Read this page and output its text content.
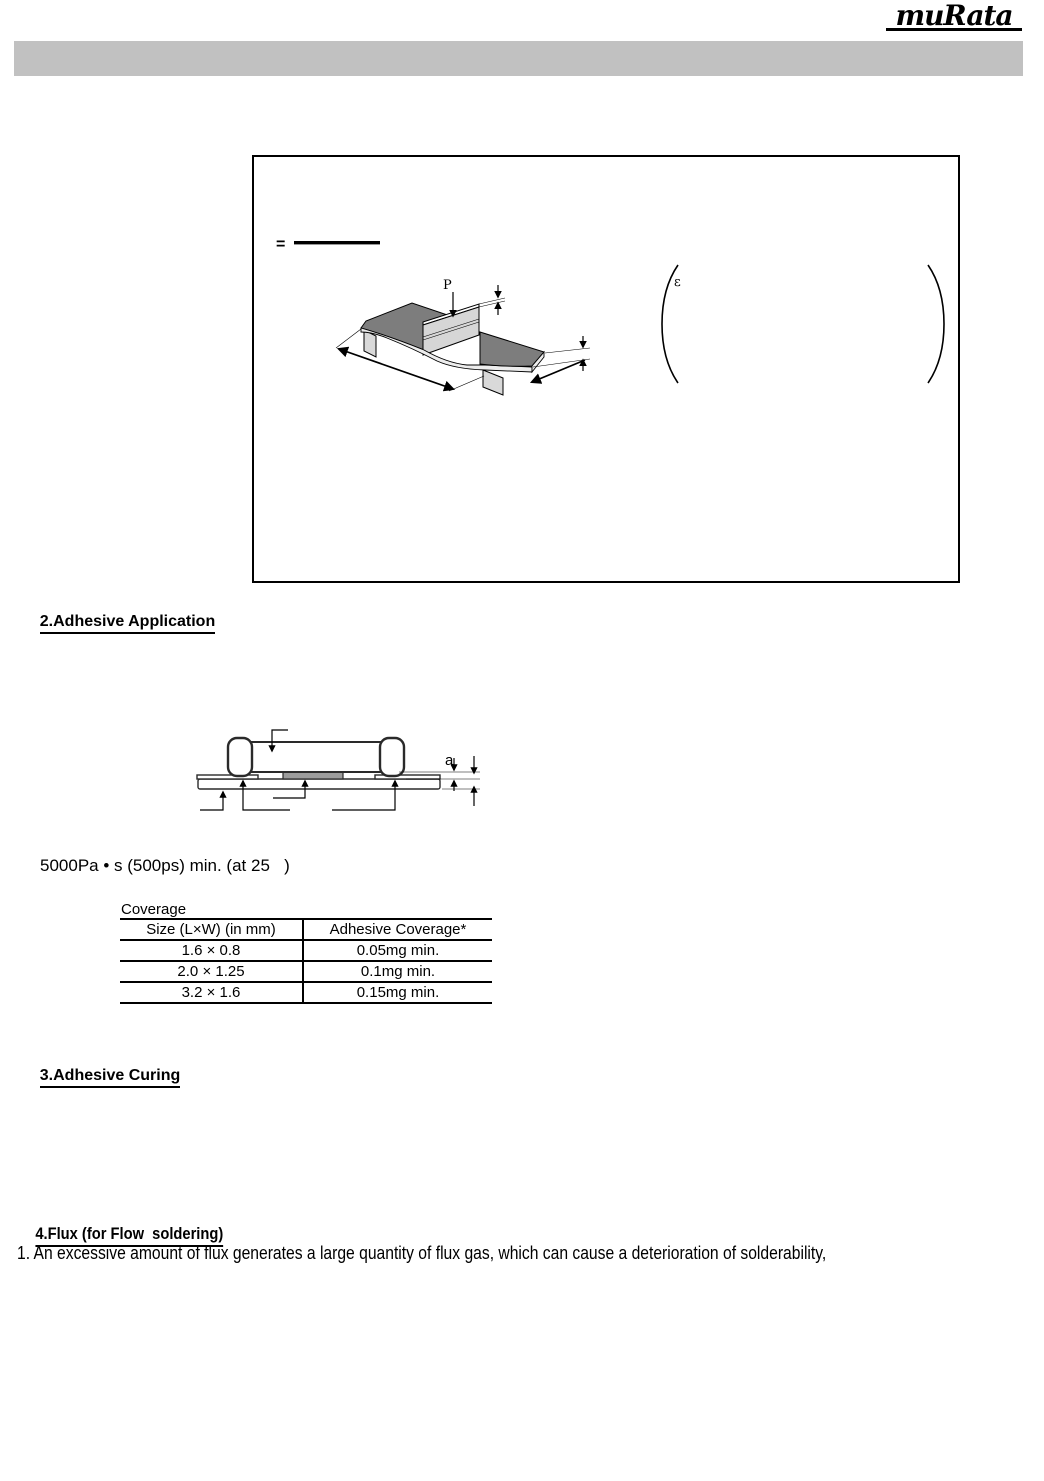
muRata
=
P	ε

2.Adhesive Application

a
5000Pa • s (500ps) min. (at 25   )
Coverage
Size (L×W) (in mm)	Adhesive Coverage*
1.6 × 0.8	0.05mg min.
2.0 × 1.25	0.1mg min.
3.2 × 1.6	0.15mg min.

3.Adhesive Curing

4.Flux (for Flow  soldering)

1. An excessive amount of flux generates a large quantity of flux gas, which can cause a deterioration of solderability,
